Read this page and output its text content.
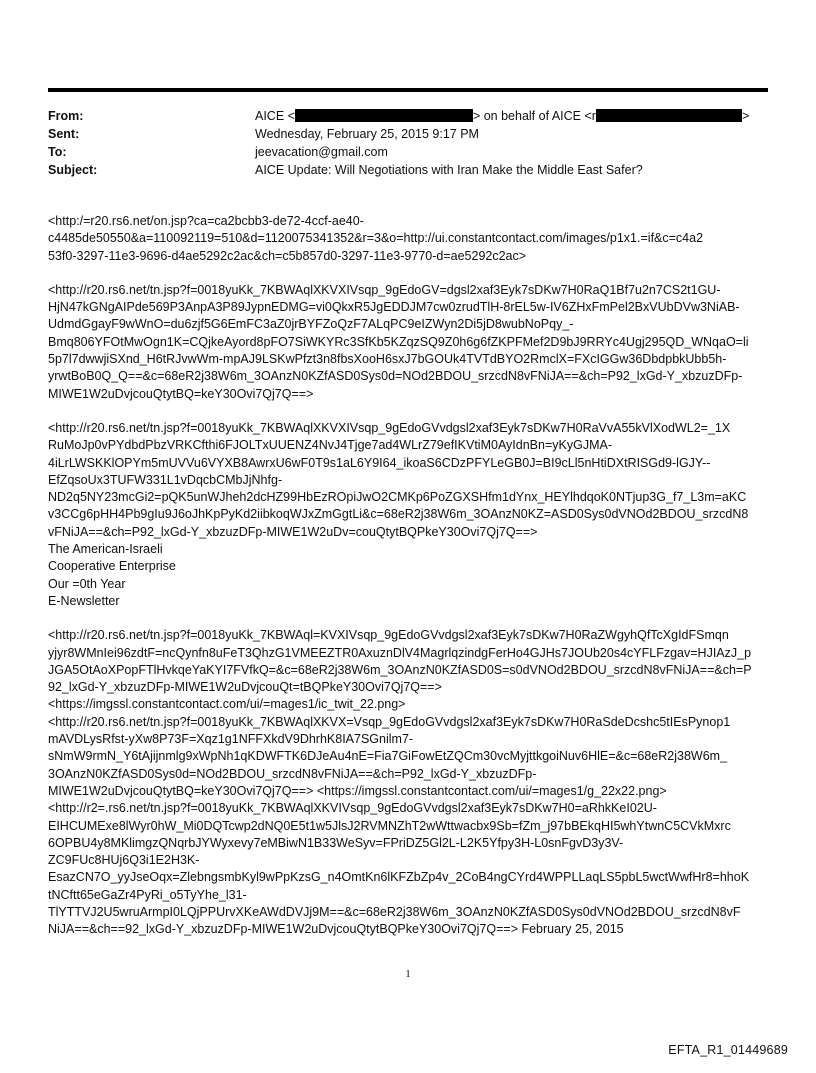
From:	AICE <	> on behalf of AICE <r	>
Sent:	Wednesday, February 25, 2015 9:17 PM
To:	jeevacation@gmail.com
Subject:	AICE Update: Will Negotiations with Iran Make the Middle East Safer?

<http:/=r20.rs6.net/on.jsp?ca=ca2bcbb3-de72-4ccf-ae40-
c4485de50550&a=110092119=510&d=1120075341352&r=3&o=http://ui.constantcontact.com/images/p1x1.=if&c=c4a2
53f0-3297-11e3-9696-d4ae5292c2ac&ch=c5b857d0-3297-11e3-9770-d=ae5292c2ac>

<http://r20.rs6.net/tn.jsp?f=0018yuKk_7KBWAqlXKVXIVsqp_9gEdoGV=dgsl2xaf3Eyk7sDKw7H0RaQ1Bf7u2n7CS2t1GU-
HjN47kGNgAIPde569P3AnpA3P89JypnEDMG=vi0QkxR5JgEDDJM7cw0zrudTlH-8rEL5w-IV6ZHxFmPel2BxVUbDVw3NiAB-
UdmdGgayF9wWnO=du6zjf5G6EmFC3aZ0jrBYFZoQzF7ALqPC9eIZWyn2Di5jD8wubNoPqy_-
Bmq806YFOtMwOgn1K=CQjkeAyord8pFO7SiWKYRc3SfKb5KZqzSQ9Z0h6g6fZKPFMef2D9bJ9RRYc4Ugj295QD_WNqaO=li
5p7l7dwwjiSXnd_H6tRJvwWm-mpAJ9LSKwPfzt3n8fbsXooH6sxJ7bGOUk4TVTdBYO2RmclX=FXcIGGw36DbdpbkUbb5h-
yrwtBoB0Q_Q==&c=68eR2j38W6m_3OAnzN0KZfASD0Sys0d=NOd2BDOU_srzcdN8vFNiJA==&ch=P92_lxGd-Y_xbzuzDFp-
MIWE1W2uDvjcouQtytBQ=keY30Ovi7Qj7Q==>

<http://r20.rs6.net/tn.jsp?f=0018yuKk_7KBWAqlXKVXIVsqp_9gEdoGVvdgsl2xaf3Eyk7sDKw7H0RaVvA55kVlXodWL2=_1X
RuMoJp0vPYdbdPbzVRKCfthi6FJOLTxUUENZ4NvJ4Tjge7ad4WLrZ79efIKVtiM0AyIdnBn=yKyGJMA-
4iLrLWSKKlOPYm5mUVVu6VYXB8AwrxU6wF0T9s1aL6Y9I64_ikoaS6CDzPFYLeGB0J=BI9cLl5nHtiDXtRISGd9-lGJY--
EfZqsoUx3TUFW331L1vDqcbCMbJjNhfg-
ND2q5NY23mcGi2=pQK5unWJheh2dcHZ99HbEzROpiJwO2CMKp6PoZGXSHfm1dYnx_HEYlhdqoK0NTjup3G_f7_L3m=aKC
v3CCg6pHH4Pb9gIu9J6oJhKpPyKd2iibkoqWJxZmGgtLi&c=68eR2j38W6m_3OAnzN0KZ=ASD0Sys0dVNOd2BDOU_srzcdN8
vFNiJA==&ch=P92_lxGd-Y_xbzuzDFp-MIWE1W2uDv=couQtytBQPkeY30Ovi7Qj7Q==>
The American-Israeli
Cooperative Enterprise
Our =0th Year
E-Newsletter

<http://r20.rs6.net/tn.jsp?f=0018yuKk_7KBWAql=KVXIVsqp_9gEdoGVvdgsl2xaf3Eyk7sDKw7H0RaZWgyhQfTcXgIdFSmqn
yjyr8WMnIei96zdtF=ncQynfn8uFeT3QhzG1VMEEZTR0AxuznDlV4MagrlqzindgFerHo4GJHs7JOUb20s4cYFLFzgav=HJIAzJ_p
JGA5OtAoXPopFTlHvkqeYaKYI7FVfkQ=&c=68eR2j38W6m_3OAnzN0KZfASD0S=s0dVNOd2BDOU_srzcdN8vFNiJA==&ch=P
92_lxGd-Y_xbzuzDFp-MIWE1W2uDvjcouQt=tBQPkeY30Ovi7Qj7Q==>
<https://imgssl.constantcontact.com/ui/=mages1/ic_twit_22.png>
<http://r20.rs6.net/tn.jsp?f=0018yuKk_7KBWAqlXKVX=Vsqp_9gEdoGVvdgsl2xaf3Eyk7sDKw7H0RaSdeDcshc5tIEsPynop1
mAVDLysRfst-yXw8P73F=Xqz1g1NFFXkdV9DhrhK8IA7SGnilm7-
sNmW9rmN_Y6tAjijnmlg9xWpNh1qKDWFTK6DJeAu4nE=Fia7GiFowEtZQCm30vcMyjttkgoiNuv6HlE=&c=68eR2j38W6m_
3OAnzN0KZfASD0Sys0d=NOd2BDOU_srzcdN8vFNiJA==&ch=P92_lxGd-Y_xbzuzDFp-
MIWE1W2uDvjcouQtytBQ=keY30Ovi7Qj7Q==> <https://imgssl.constantcontact.com/ui/=mages1/g_22x22.png>
<http://r2=.rs6.net/tn.jsp?f=0018yuKk_7KBWAqlXKVIVsqp_9gEdoGVvdgsl2xaf3Eyk7sDKw7H0=aRhkKeI02U-
EIHCUMExe8lWyr0hW_Mi0DQTcwp2dNQ0E5t1w5JlsJ2RVMNZhT2wWttwacbx9Sb=fZm_j97bBEkqHI5whYtwnC5CVkMxrc
6OPBU4y8MKlimgzQNqrbJYWyxevy7eMBiwN1B33WeSyv=FPriDZ5Gl2L-L2K5Yfpy3H-L0snFgvD3y3V-
ZC9FUc8HUj6Q3i1E2H3K-
EsazCN7O_yyJseOqx=ZlebngsmbKyl9wPpKzsG_n4OmtKn6lKFZbZp4v_2CoB4ngCYrd4WPPLLaqLS5pbL5wctWwfHr8=hhoK
tNCftt65eGaZr4PyRi_o5TyYhe_l31-
TlYTTVJ2U5wruArmpI0LQjPPUrvXKeAWdDVJj9M==&c=68eR2j38W6m_3OAnzN0KZfASD0Sys0dVNOd2BDOU_srzcdN8vF
NiJA==&ch==92_lxGd-Y_xbzuzDFp-MIWE1W2uDvjcouQtytBQPkeY30Ovi7Qj7Q==> February 25, 2015

1
EFTA_R1_01449689
